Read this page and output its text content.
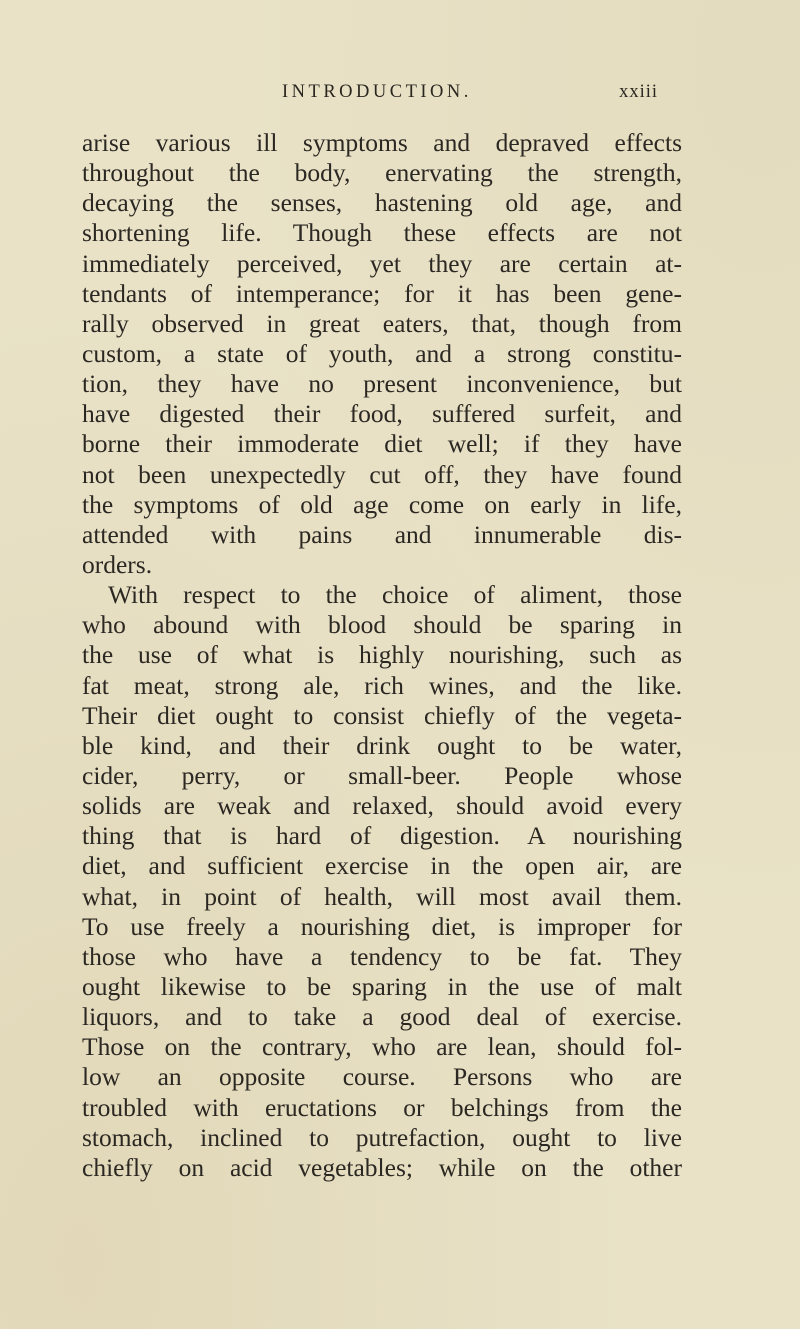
INTRODUCTION.	xxiii
arise various ill symptoms and depraved effects
throughout the body, enervating the strength,
decaying the senses, hastening old age, and
shortening life. Though these effects are not
immediately perceived, yet they are certain at-
tendants of intemperance; for it has been gene-
rally observed in great eaters, that, though from
custom, a state of youth, and a strong constitu-
tion, they have no present inconvenience, but
have digested their food, suffered surfeit, and
borne their immoderate diet well; if they have
not been unexpectedly cut off, they have found
the symptoms of old age come on early in life,
attended with pains and innumerable dis-
orders.
With respect to the choice of aliment, those
who abound with blood should be sparing in
the use of what is highly nourishing, such as
fat meat, strong ale, rich wines, and the like.
Their diet ought to consist chiefly of the vegeta-
ble kind, and their drink ought to be water,
cider, perry, or small-beer. People whose
solids are weak and relaxed, should avoid every
thing that is hard of digestion. A nourishing
diet, and sufficient exercise in the open air, are
what, in point of health, will most avail them.
To use freely a nourishing diet, is improper for
those who have a tendency to be fat. They
ought likewise to be sparing in the use of malt
liquors, and to take a good deal of exercise.
Those on the contrary, who are lean, should fol-
low an opposite course. Persons who are
troubled with eructations or belchings from the
stomach, inclined to putrefaction, ought to live
chiefly on acid vegetables; while on the other
